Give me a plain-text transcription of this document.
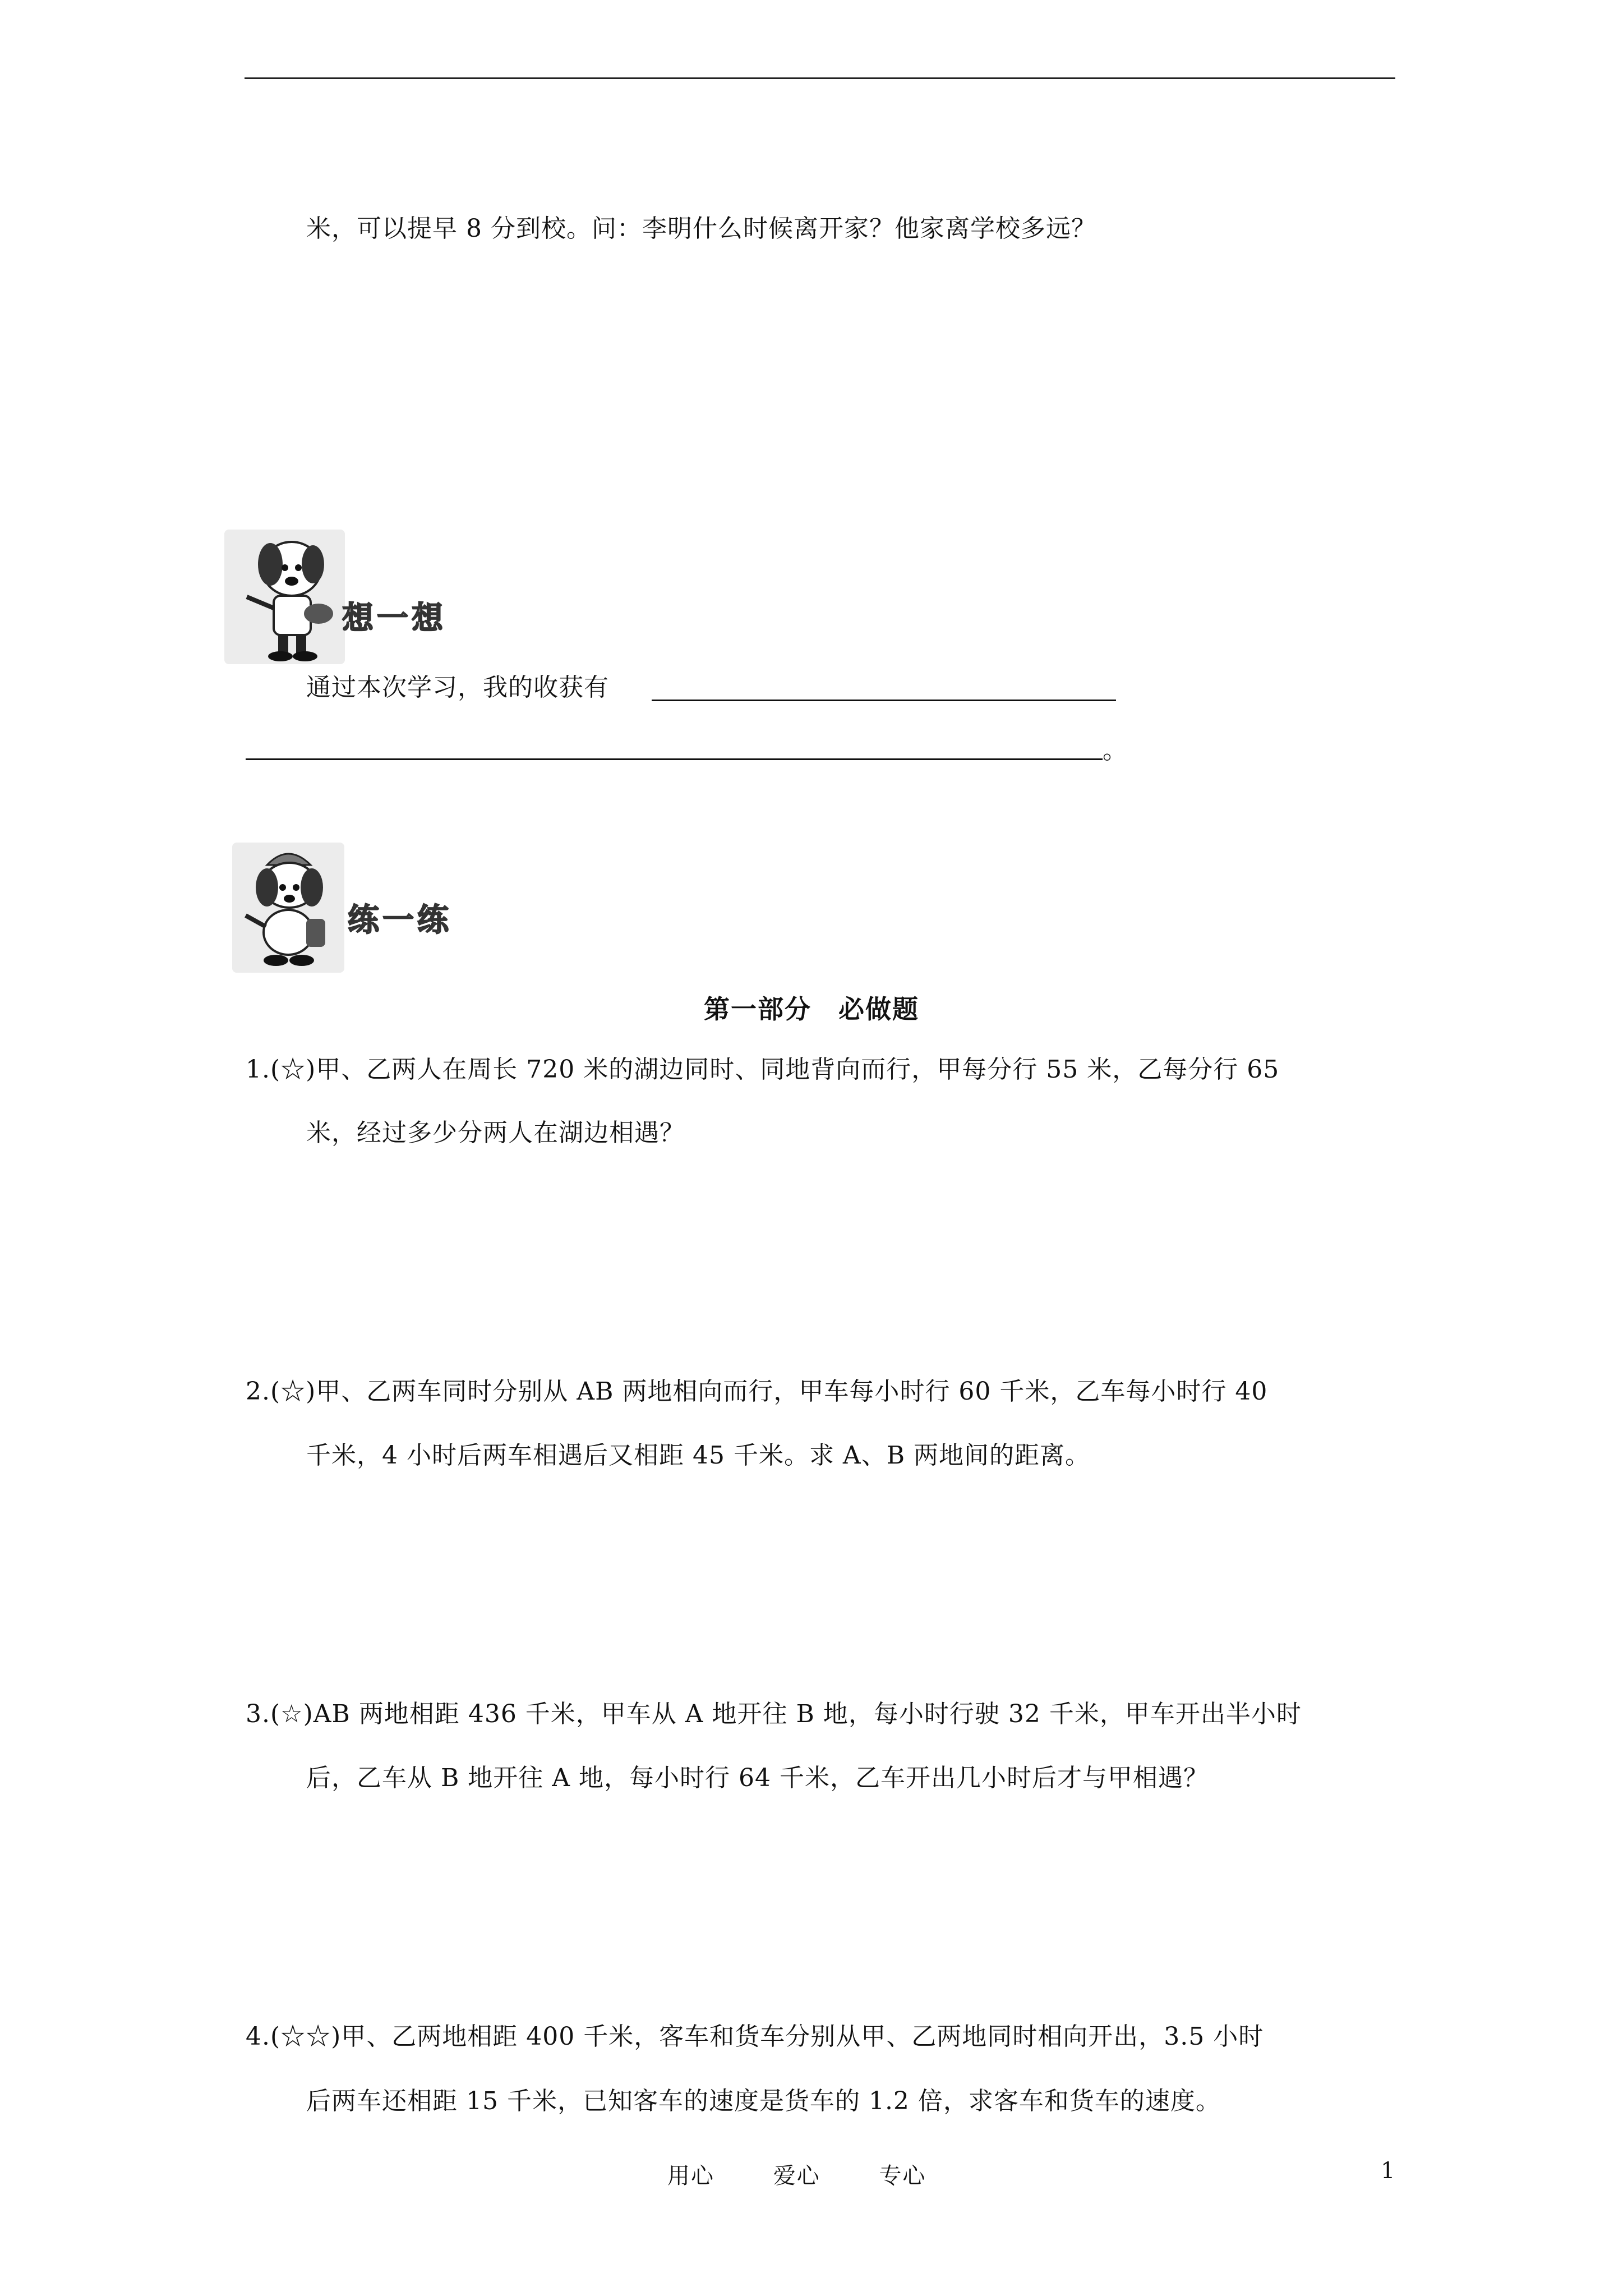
米，可以提早 8 分到校。问：李明什么时候离开家？他家离学校多远？
想一想
通过本次学习，我的收获有
。
练一练
第一部分　必做题
1.(☆)甲、乙两人在周长 720 米的湖边同时、同地背向而行，甲每分行 55 米，乙每分行 65
米，经过多少分两人在湖边相遇？
2.(☆)甲、乙两车同时分别从 AB 两地相向而行，甲车每小时行 60 千米，乙车每小时行 40
千米，4 小时后两车相遇后又相距 45 千米。求 A、B 两地间的距离。
3.(☆)AB 两地相距 436 千米，甲车从 A 地开往 B 地，每小时行驶 32 千米，甲车开出半小时
后，乙车从 B 地开往 A 地，每小时行 64 千米，乙车开出几小时后才与甲相遇？
4.(☆☆)甲、乙两地相距 400 千米，客车和货车分别从甲、乙两地同时相向开出，3.5 小时
后两车还相距 15 千米，已知客车的速度是货车的 1.2 倍，求客车和货车的速度。
用心	爱心	专心	1
